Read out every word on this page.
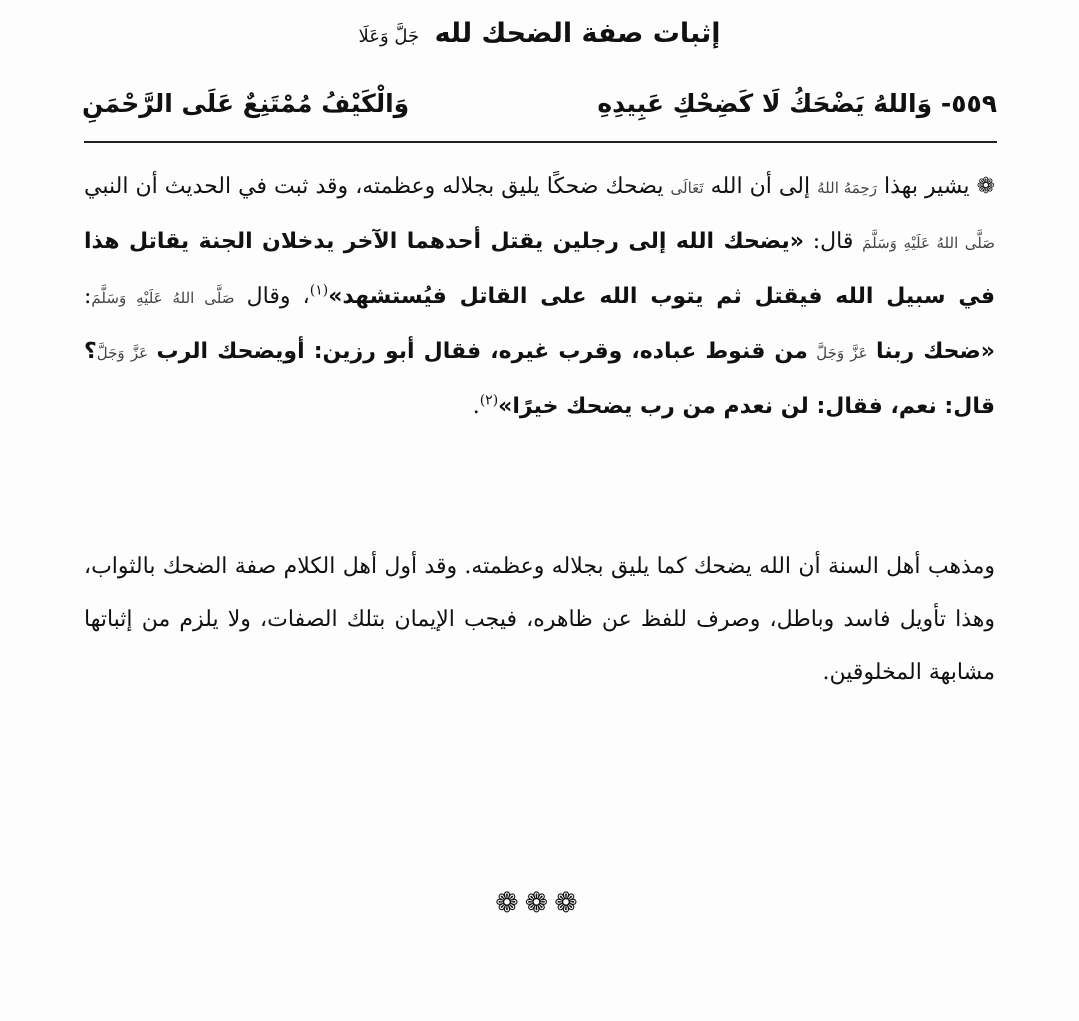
إثبات صفة الضحك لله جَلَّ وَعَلَا
٥٥٩- وَاللهُ يَضْحَكُ لَا كَضِحْكِ عَبِيدِهِ
وَالْكَيْفُ مُمْتَنِعٌ عَلَى الرَّحْمَنِ

❁ يشير بهذا رَحِمَهُ اللهُ إلى أن الله تَعَالَى يضحك ضحكًا يليق بجلاله وعظمته، وقد ثبت في الحديث أن النبي صَلَّى اللهُ عَلَيْهِ وَسَلَّمَ قال: «يضحك الله إلى رجلين يقتل أحدهما الآخر يدخلان الجنة يقاتل هذا في سبيل الله فيقتل ثم يتوب الله على القاتل فيُستشهد»$^{(١)}$، وقال صَلَّى اللهُ عَلَيْهِ وَسَلَّمَ: «ضحك ربنا عَزَّ وَجَلَّ من قنوط عباده، وقرب غيره، فقال أبو رزين: أويضحك الرب عَزَّ وَجَلَّ؟ قال: نعم، فقال: لن نعدم من رب يضحك خيرًا»$^{(٢)}$.

ومذهب أهل السنة أن الله يضحك كما يليق بجلاله وعظمته. وقد أول أهل الكلام صفة الضحك بالثواب، وهذا تأويل فاسد وباطل، وصرف للفظ عن ظاهره، فيجب الإيمان بتلك الصفات، ولا يلزم من إثباتها مشابهة المخلوقين.

❁❁❁
